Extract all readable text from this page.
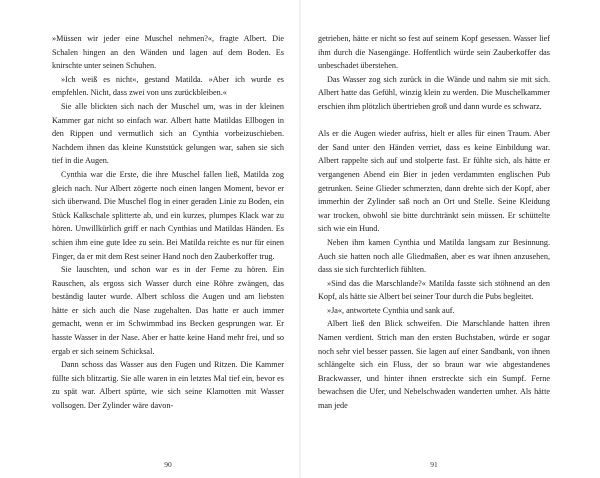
»Müssen wir jeder eine Muschel nehmen?«, fragte Albert. Die Schalen hingen an den Wänden und lagen auf dem Boden. Es knirschte unter seinen Schuhen.

»Ich weiß es nicht«, gestand Matilda. »Aber ich wurde es empfehlen. Nicht, dass zwei von uns zurückbleiben.«

Sie alle blickten sich nach der Muschel um, was in der kleinen Kammer gar nicht so einfach war. Albert hatte Matildas Ellbogen in den Rippen und vermutlich sich an Cynthia vorbeizuschieben. Nachdem ihnen das kleine Kunststück gelungen war, sahen sie sich tief in die Augen.

Cynthia war die Erste, die ihre Muschel fallen ließ, Matilda zog gleich nach. Nur Albert zögerte noch einen langen Moment, bevor er sich überwand. Die Muschel flog in einer geraden Linie zu Boden, ein Stück Kalkschale splitterte ab, und ein kurzes, plumpes Klack war zu hören. Unwillkürlich griff er nach Cynthias und Matildas Händen. Es schien ihm eine gute Idee zu sein. Bei Matilda reichte es nur für einen Finger, da er mit dem Rest seiner Hand noch den Zauberkoffer trug.

Sie lauschten, und schon war es in der Ferne zu hören. Ein Rauschen, als ergoss sich Wasser durch eine Röhre zwängen, das beständig lauter wurde. Albert schloss die Augen und am liebsten hätte er sich auch die Nase zugehalten. Das hatte er auch immer gemacht, wenn er im Schwimmbad ins Becken gesprungen war. Er hasste Wasser in der Nase. Aber er hatte keine Hand mehr frei, und so ergab er sich seinem Schicksal.

Dann schoss das Wasser aus den Fugen und Ritzen. Die Kammer füllte sich blitzartig. Sie alle waren in ein letztes Mal tief ein, bevor es zu spät war. Albert spürte, wie sich seine Klamotten mit Wasser vollsogen. Der Zylinder wäre davon-

90

getrieben, hätte er nicht so fest auf seinem Kopf gesessen. Wasser lief ihm durch die Nasengänge. Hoffentlich würde sein Zauberkoffer das unbeschadet überstehen.

Das Wasser zog sich zurück in die Wände und nahm sie mit sich. Albert hatte das Gefühl, winzig klein zu werden. Die Muschelkammer erschien ihm plötzlich übertrieben groß und dann wurde es schwarz.

Als er die Augen wieder aufriss, hielt er alles für einen Traum. Aber der Sand unter den Händen verriet, dass es keine Einbildung war. Albert rappelte sich auf und stolperte fast. Er fühlte sich, als hätte er vergangenen Abend ein Bier in jeden verdammten englischen Pub getrunken. Seine Glieder schmerzten, dann drehte sich der Kopf, aber immerhin der Zylinder saß noch an Ort und Stelle. Seine Kleidung war trocken, obwohl sie bitte durchtränkt sein müssen. Er schüttelte sich wie ein Hund.

Neben ihm kamen Cynthia und Matilda langsam zur Besinnung. Auch sie hatten noch alle Gliedmaßen, aber es war ihnen anzusehen, dass sie sich furchterlich fühlten.

»Sind das die Marschlande?« Matilda fasste sich stöhnend an den Kopf, als hätte sie Albert bei seiner Tour durch die Pubs begleitet.

»Ja«, antwortete Cynthia und sank auf.

Albert ließ den Blick schweifen. Die Marschlande hatten ihren Namen verdient. Strich man den ersten Buchstaben, würde er sogar noch sehr viel besser passen. Sie lagen auf einer Sandbank, von ihnen schlängelte sich ein Fluss, der so braun war wie abgestandenes Brackwasser, und hinter ihnen erstreckte sich ein Sumpf. Ferne bewachsen die Ufer, und Nebelschwaden wanderten umher. Als hätte man jede

91
